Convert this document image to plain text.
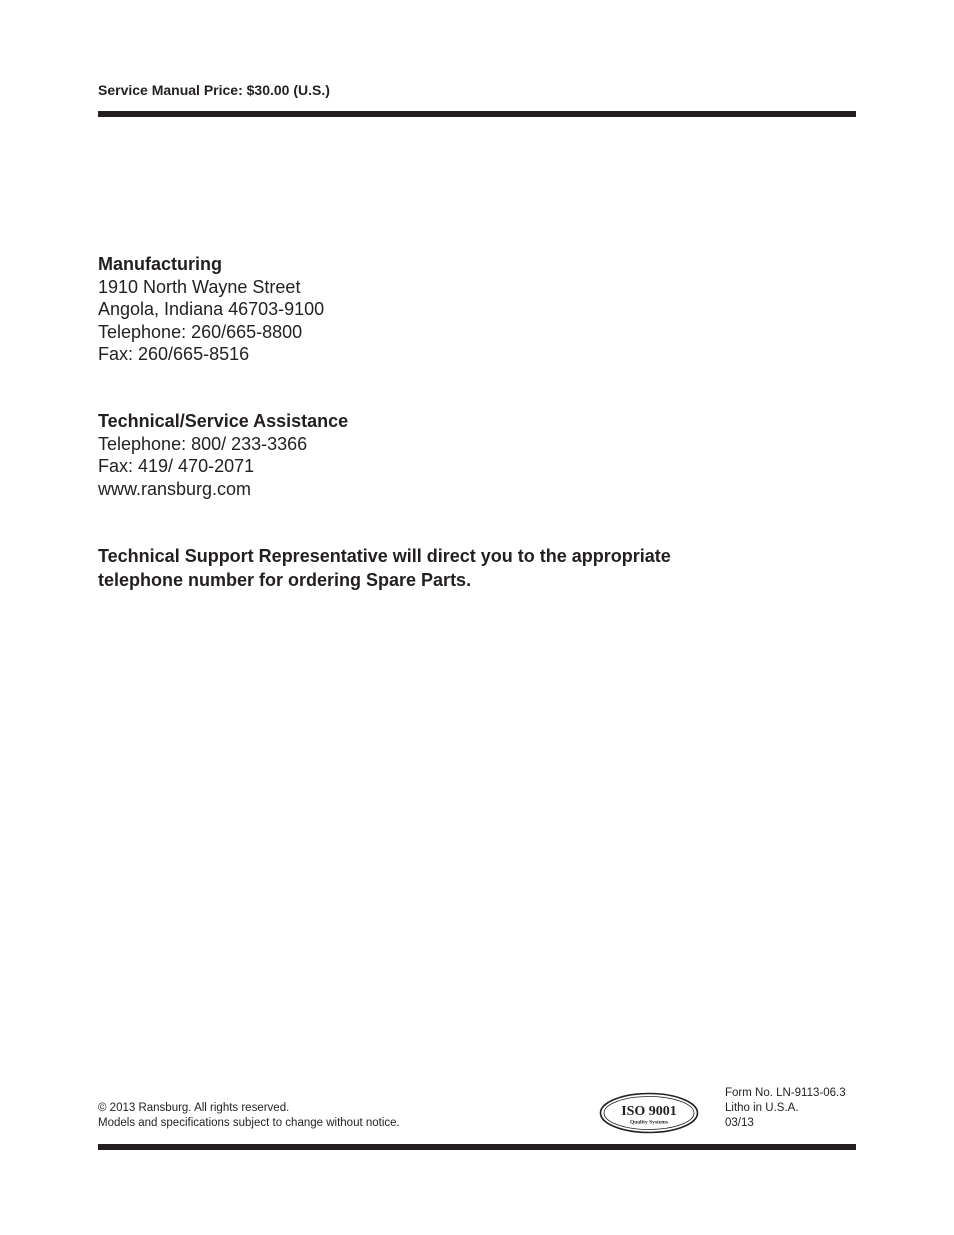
Service Manual Price: $30.00 (U.S.)
Manufacturing
1910 North Wayne Street
Angola, Indiana 46703-9100
Telephone: 260/665-8800
Fax: 260/665-8516
Technical/Service Assistance
Telephone: 800/ 233-3366
Fax: 419/ 470-2071
www.ransburg.com
Technical Support Representative will direct you to the appropriate
telephone number for ordering Spare Parts.
© 2013 Ransburg. All rights reserved.
Models and specifications subject to change without notice.
ISO 9001
Quality Systems
Form No. LN-9113-06.3
Litho in U.S.A.
03/13
